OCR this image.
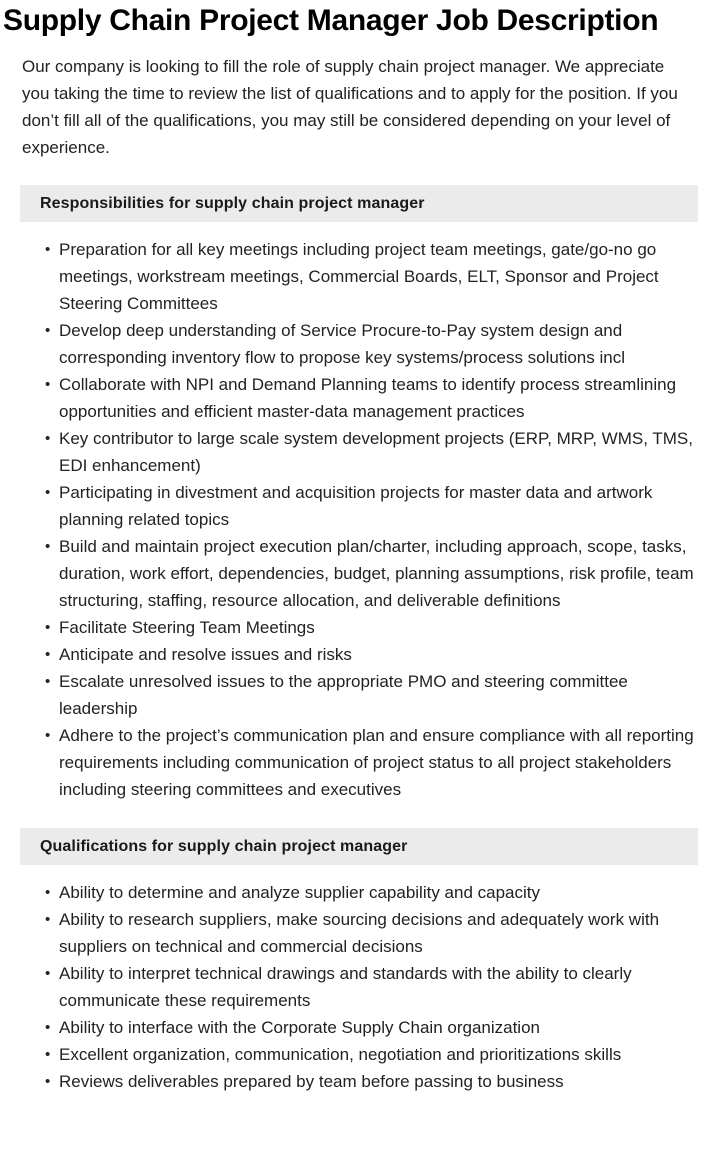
Supply Chain Project Manager Job Description

Our company is looking to fill the role of supply chain project manager. We appreciate you taking the time to review the list of qualifications and to apply for the position. If you don’t fill all of the qualifications, you may still be considered depending on your level of experience.

Responsibilities for supply chain project manager
• Preparation for all key meetings including project team meetings, gate/go-no go meetings, workstream meetings, Commercial Boards, ELT, Sponsor and Project Steering Committees
• Develop deep understanding of Service Procure-to-Pay system design and corresponding inventory flow to propose key systems/process solutions incl
• Collaborate with NPI and Demand Planning teams to identify process streamlining opportunities and efficient master-data management practices
• Key contributor to large scale system development projects (ERP, MRP, WMS, TMS, EDI enhancement)
• Participating in divestment and acquisition projects for master data and artwork planning related topics
• Build and maintain project execution plan/charter, including approach, scope, tasks, duration, work effort, dependencies, budget, planning assumptions, risk profile, team structuring, staffing, resource allocation, and deliverable definitions
• Facilitate Steering Team Meetings
• Anticipate and resolve issues and risks
• Escalate unresolved issues to the appropriate PMO and steering committee leadership
• Adhere to the project’s communication plan and ensure compliance with all reporting requirements including communication of project status to all project stakeholders including steering committees and executives
Qualifications for supply chain project manager
• Ability to determine and analyze supplier capability and capacity
• Ability to research suppliers, make sourcing decisions and adequately work with suppliers on technical and commercial decisions
• Ability to interpret technical drawings and standards with the ability to clearly communicate these requirements
• Ability to interface with the Corporate Supply Chain organization
• Excellent organization, communication, negotiation and prioritizations skills
• Reviews deliverables prepared by team before passing to business
